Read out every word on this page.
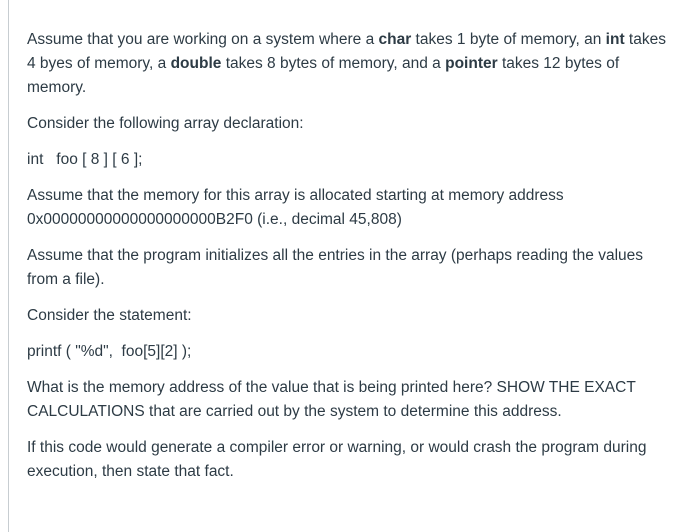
Assume that you are working on a system where a char takes 1 byte of memory, an int takes 4 byes of memory, a double takes 8 bytes of memory, and a pointer takes 12 bytes of memory.

Consider the following array declaration:

int   foo [ 8 ] [ 6 ];

Assume that the memory for this array is allocated starting at memory address
0x00000000000000000000B2F0 (i.e., decimal 45,808)

Assume that the program initializes all the entries in the array (perhaps reading the values from a file).

Consider the statement:

printf ( "%d",  foo[5][2] );

What is the memory address of the value that is being printed here? SHOW THE EXACT CALCULATIONS that are carried out by the system to determine this address.

If this code would generate a compiler error or warning, or would crash the program during execution, then state that fact.
